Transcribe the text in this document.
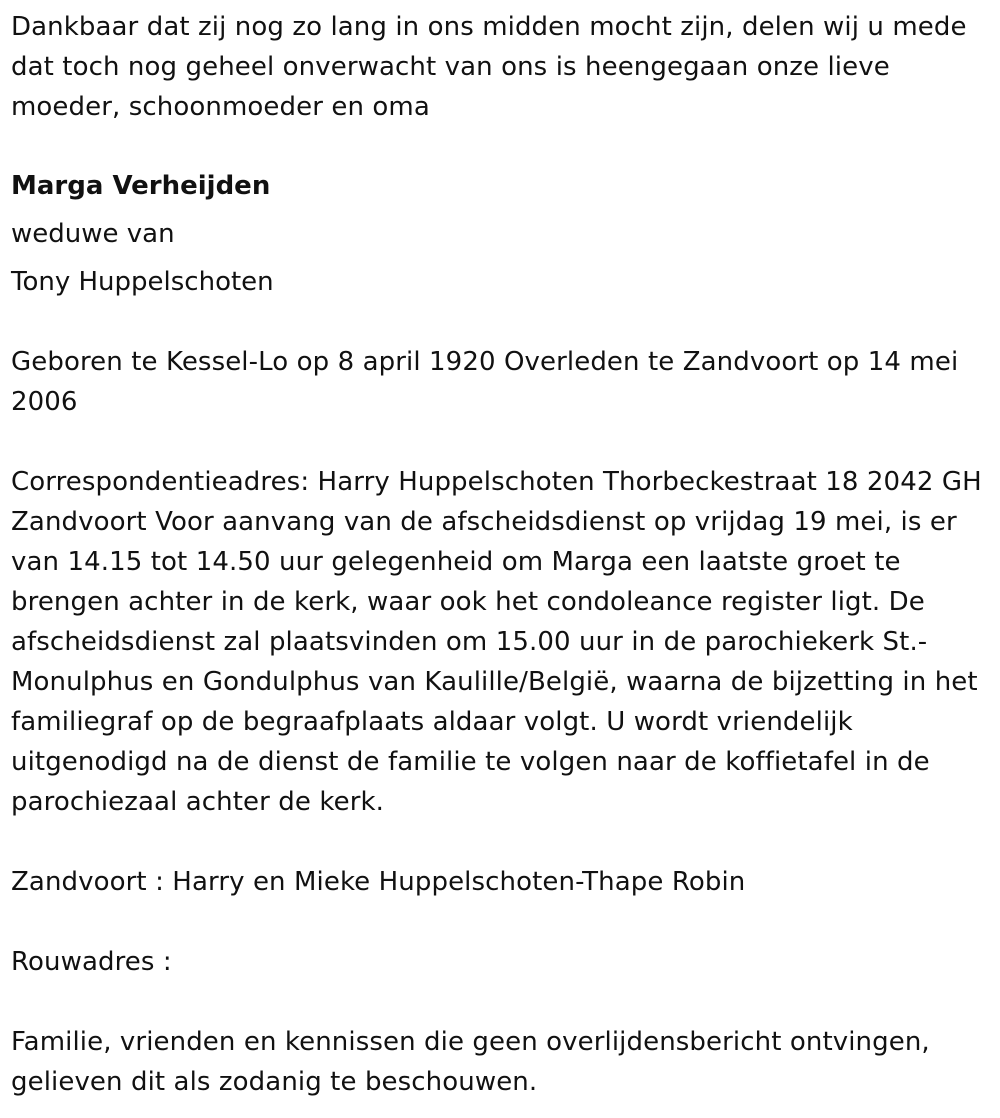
Dankbaar dat zij nog zo lang in ons midden mocht zijn, delen wij u mede dat toch nog geheel onverwacht van ons is heengegaan onze lieve moeder, schoonmoeder en oma

Marga Verheijden
weduwe van
Tony Huppelschoten

Geboren te Kessel-Lo op 8 april 1920 Overleden te Zandvoort op 14 mei 2006

Correspondentieadres: Harry Huppelschoten Thorbeckestraat 18 2042 GH Zandvoort Voor aanvang van de afscheidsdienst op vrijdag 19 mei, is er van 14.15 tot 14.50 uur gelegenheid om Marga een laatste groet te brengen achter in de kerk, waar ook het condoleance register ligt. De afscheidsdienst zal plaatsvinden om 15.00 uur in de parochiekerk St.-Monulphus en Gondulphus van Kaulille/België, waarna de bijzetting in het familiegraf op de begraafplaats aldaar volgt. U wordt vriendelijk uitgenodigd na de dienst de familie te volgen naar de koffietafel in de parochiezaal achter de kerk.

Zandvoort : Harry en Mieke Huppelschoten-Thape Robin

Rouwadres :

Familie, vrienden en kennissen die geen overlijdensbericht ontvingen, gelieven dit als zodanig te beschouwen.
